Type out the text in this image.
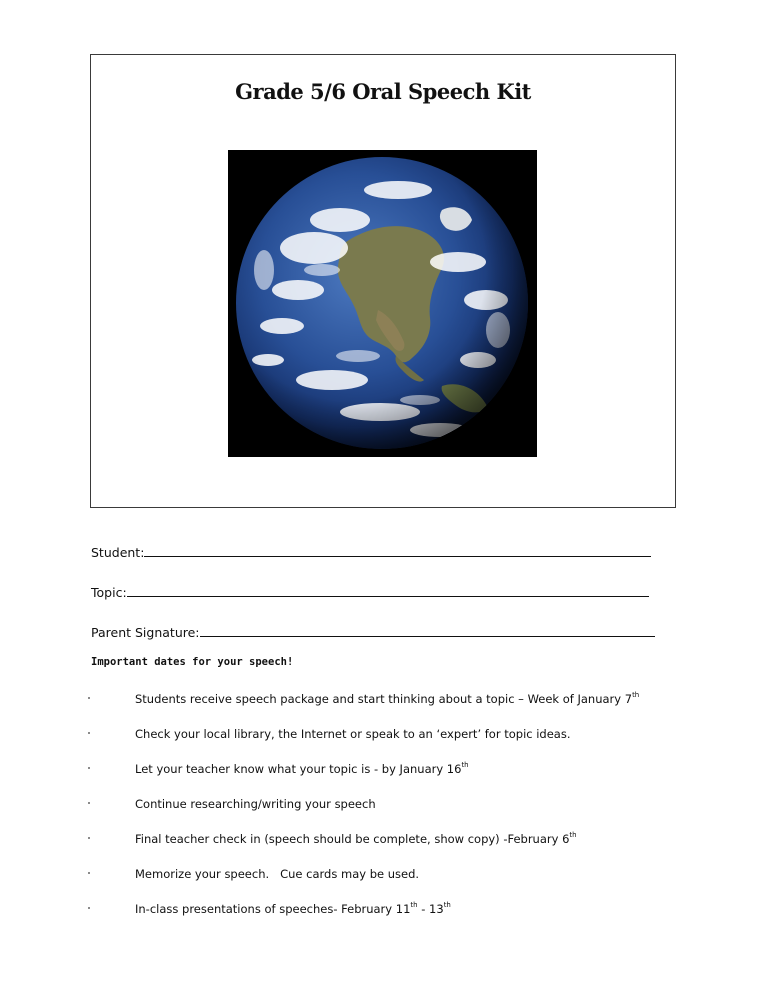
Grade 5/6 Oral Speech Kit
Student:
Topic:
Parent Signature:
Important dates for your speech!
Students receive speech package and start thinking about a topic – Week of January 7th
Check your local library, the Internet or speak to an ‘expert’ for topic ideas.
Let your teacher know what your topic is - by January 16th
Continue researching/writing your speech
Final teacher check in (speech should be complete, show copy) -February 6th
Memorize your speech.   Cue cards may be used.
In-class presentations of speeches- February 11th - 13th
